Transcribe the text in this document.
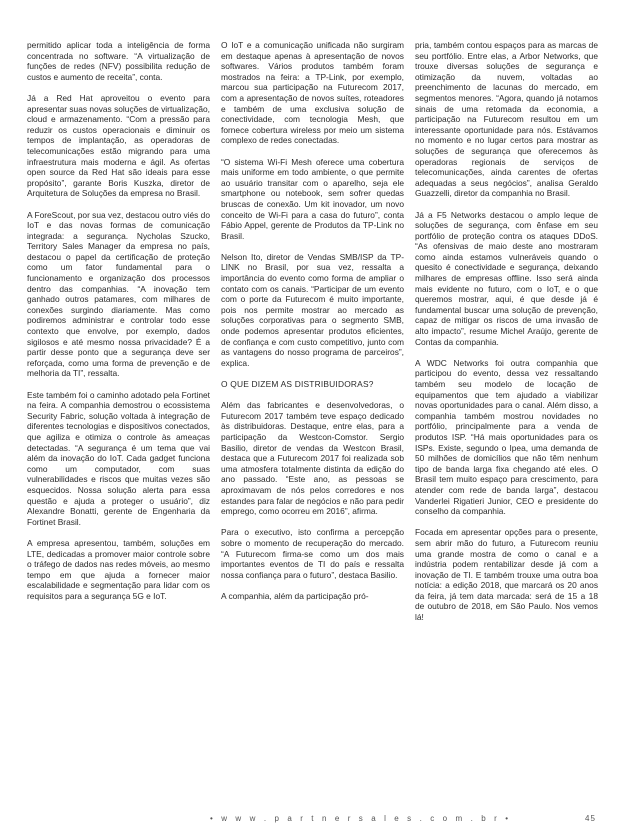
permitido aplicar toda a inteligência de forma concentrada no software. “A virtualização de funções de redes (NFV) possibilita redução de custos e aumento de receita”, conta.

Já a Red Hat aproveitou o evento para apresentar suas novas soluções de virtualização, cloud e armazenamento. “Com a pressão para reduzir os custos operacionais e diminuir os tempos de implantação, as operadoras de telecomunicações estão migrando para uma infraestrutura mais moderna e ágil. As ofertas open source da Red Hat são ideais para esse propósito”, garante Boris Kuszka, diretor de Arquitetura de Soluções da empresa no Brasil.

A ForeScout, por sua vez, destacou outro viés do IoT e das novas formas de comunicação integrada: a segurança. Nycholas Szucko, Territory Sales Manager da empresa no país, destacou o papel da certificação de proteção como um fator fundamental para o funcionamento e organização dos processos dentro das companhias. “A inovação tem ganhado outros patamares, com milhares de conexões surgindo diariamente. Mas como podiremos administrar e controlar todo esse contexto que envolve, por exemplo, dados sigilosos e até mesmo nossa privacidade? É a partir desse ponto que a segurança deve ser reforçada, como uma forma de prevenção e de melhoria da TI”, ressalta.

Este também foi o caminho adotado pela Fortinet na feira. A companhia demostrou o ecossistema Security Fabric, solução voltada à integração de diferentes tecnologias e dispositivos conectados, que agiliza e otimiza o controle às ameaças detectadas. “A segurança é um tema que vai além da inovação do IoT. Cada gadget funciona como um computador, com suas vulnerabilidades e riscos que muitas vezes são esquecidos. Nossa solução alerta para essa questão e ajuda a proteger o usuário”, diz Alexandre Bonatti, gerente de Engenharia da Fortinet Brasil.

A empresa apresentou, também, soluções em LTE, dedicadas a promover maior controle sobre o tráfego de dados nas redes móveis, ao mesmo tempo em que ajuda a fornecer maior escalabilidade e segmentação para lidar com os requisitos para a segurança 5G e IoT.

O IoT e a comunicação unificada não surgiram em destaque apenas à apresentação de novos softwares. Vários produtos também foram mostrados na feira: a TP-Link, por exemplo, marcou sua participação na Futurecom 2017, com a apresentação de novos suítes, roteadores e também de uma exclusiva solução de conectividade, com tecnologia Mesh, que fornece cobertura wireless por meio um sistema complexo de redes conectadas.

“O sistema Wi-Fi Mesh oferece uma cobertura mais uniforme em todo ambiente, o que permite ao usuário transitar com o aparelho, seja ele smartphone ou notebook, sem sofrer quedas bruscas de conexão. Um kit inovador, um novo conceito de Wi-Fi para a casa do futuro”, conta Fábio Appel, gerente de Produtos da TP-Link no Brasil.

Nelson Ito, diretor de Vendas SMB/ISP da TP-LINK no Brasil, por sua vez, ressalta a importância do evento como forma de ampliar o contato com os canais. “Participar de um evento com o porte da Futurecom é muito importante, pois nos permite mostrar ao mercado as soluções corporativas para o segmento SMB, onde podemos apresentar produtos eficientes, de confiança e com custo competitivo, junto com as vantagens do nosso programa de parceiros”, explica.

O QUE DIZEM AS DISTRIBUIDORAS?

Além das fabricantes e desenvolvedoras, o Futurecom 2017 também teve espaço dedicado às distribuidoras. Destaque, entre elas, para a participação da Westcon-Comstor. Sergio Basilio, diretor de vendas da Westcon Brasil, destaca que a Futurecom 2017 foi realizada sob uma atmosfera totalmente distinta da edição do ano passado. “Este ano, as pessoas se aproximavam de nós pelos corredores e nos estandes para falar de negócios e não para pedir emprego, como ocorreu em 2016”, afirma.

Para o executivo, isto confirma a percepção sobre o momento de recuperação do mercado. “A Futurecom firma-se como um dos mais importantes eventos de TI do país e ressalta nossa confiança para o futuro”, destaca Basilio.

A companhia, além da participação pró-

pria, também contou espaços para as marcas de seu portfólio. Entre elas, a Arbor Networks, que trouxe diversas soluções de segurança e otimização da nuvem, voltadas ao preenchimento de lacunas do mercado, em segmentos menores. “Agora, quando já notamos sinais de uma retomada da economia, a participação na Futurecom resultou em um interessante oportunidade para nós. Estávamos no momento e no lugar certos para mostrar as soluções de segurança que oferecemos às operadoras regionais de serviços de telecomunicações, ainda carentes de ofertas adequadas a seus negócios”, analisa Geraldo Guazzelli, diretor da companhia no Brasil.

Já a F5 Networks destacou o amplo leque de soluções de segurança, com ênfase em seu portfólio de proteção contra os ataques DDoS. “As ofensivas de maio deste ano mostraram como ainda estamos vulneráveis quando o quesito é conectividade e segurança, deixando milhares de empresas offline. Isso será ainda mais evidente no futuro, com o IoT, e o que queremos mostrar, aqui, é que desde já é fundamental buscar uma solução de prevenção, capaz de mitigar os riscos de uma invasão de alto impacto”, resume Michel Araújo, gerente de Contas da companhia.

A WDC Networks foi outra companhia que participou do evento, dessa vez ressaltando também seu modelo de locação de equipamentos que tem ajudado a viabilizar novas oportunidades para o canal. Além disso, a companhia também mostrou novidades no portfólio, principalmente para a venda de produtos ISP. “Há mais oportunidades para os ISPs. Existe, segundo o Ipea, uma demanda de 50 milhões de domicílios que não têm nenhum tipo de banda larga fixa chegando até eles. O Brasil tem muito espaço para crescimento, para atender com rede de banda larga”, destacou Vanderlei Rigatieri Junior, CEO e presidente do conselho da companhia.

Focada em apresentar opções para o presente, sem abrir mão do futuro, a Futurecom reuniu uma grande mostra de como o canal e a indústria podem rentabilizar desde já com a inovação de TI. E também trouxe uma outra boa notícia: a edição 2018, que marcará os 20 anos da feira, já tem data marcada: será de 15 a 18 de outubro de 2018, em São Paulo. Nos vemos lá!

• w w w . p a r t n e r s a l e s . c o m . b r •	45
